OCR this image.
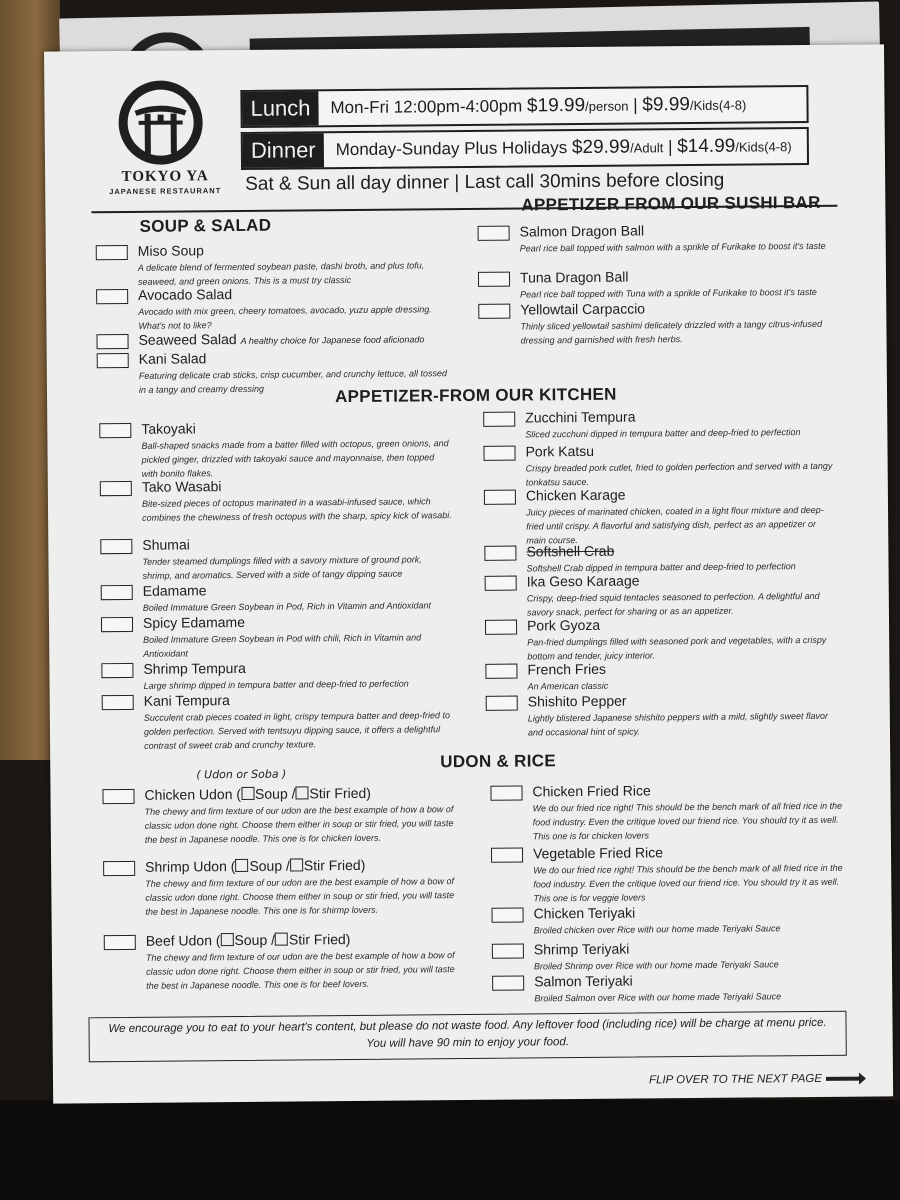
TOKYO YA
JAPANESE RESTAURANT
Lunch	Mon-Fri 12:00pm-4:00pm $19.99/person | $9.99/Kids(4-8)
Dinner	Monday-Sunday Plus Holidays $29.99/Adult | $14.99/Kids(4-8)
Sat & Sun all day dinner | Last call 30mins before closing
SOUP & SALAD
Miso Soup
A delicate blend of fermented soybean paste, dashi broth, and plus tofu, seaweed, and green onions. This is a must try classic
Avocado Salad
Avocado with mix green, cheery tomatoes, avocado, yuzu apple dressing. What's not to like?
Seaweed Salad A healthy choice for Japanese food aficionado
Kani Salad
Featuring delicate crab sticks, crisp cucumber, and crunchy lettuce, all tossed in a tangy and creamy dressing
APPETIZER FROM OUR SUSHI BAR
Salmon Dragon Ball
Pearl rice ball topped with salmon with a sprikle of Furikake to boost it's taste
Tuna Dragon Ball
Pearl rice ball topped with Tuna with a sprikle of Furikake to boost it's taste
Yellowtail Carpaccio
Thinly sliced yellowtail sashimi delicately drizzled with a tangy citrus-infused dressing and garnished with fresh herbs.
APPETIZER-FROM OUR KITCHEN
Takoyaki
Ball-shaped snacks made from a batter filled with octopus, green onions, and pickled ginger, drizzled with takoyaki sauce and mayonnaise, then topped with bonito flakes.
Tako Wasabi
Bite-sized pieces of octopus marinated in a wasabi-infused sauce, which combines the chewiness of fresh octopus with the sharp, spicy kick of wasabi.
Shumai
Tender steamed dumplings filled with a savory mixture of ground pork, shrimp, and aromatics. Served with a side of tangy dipping sauce
Edamame
Boiled Immature Green Soybean in Pod, Rich in Vitamin and Antioxidant
Spicy Edamame
Boiled Immature Green Soybean in Pod with chili, Rich in Vitamin and Antioxidant
Shrimp Tempura
Large shrimp dipped in tempura batter and deep-fried to perfection
Kani Tempura
Succulent crab pieces coated in light, crispy tempura batter and deep-fried to golden perfection. Served with tentsuyu dipping sauce, it offers a delightful contrast of sweet crab and crunchy texture.
Zucchini Tempura
Sliced zucchuni dipped in tempura batter and deep-fried to perfection
Pork Katsu
Crispy breaded pork cutlet, fried to golden perfection and served with a tangy tonkatsu sauce.
Chicken Karage
Juicy pieces of marinated chicken, coated in a light flour mixture and deep-fried until crispy. A flavorful and satisfying dish, perfect as an appetizer or main course.
Softshell Crab
Softshell Crab dipped in tempura batter and deep-fried to perfection
Ika Geso Karaage
Crispy, deep-fried squid tentacles seasoned to perfection. A delightful and savory snack, perfect for sharing or as an appetizer.
Pork Gyoza
Pan-fried dumplings filled with seasoned pork and vegetables, with a crispy bottom and tender, juicy interior.
French Fries
An American classic
Shishito Pepper
Lightly blistered Japanese shishito peppers with a mild, slightly sweet flavor and occasional hint of spicy.
UDON & RICE
( Udon or Soba )
Chicken Udon ( Soup / Stir Fried)
The chewy and firm texture of our udon are the best example of how a bow of classic udon done right. Choose them either in soup or stir fried, you will taste the best in Japanese noodle. This one is for chicken lovers.
Shrimp Udon ( Soup / Stir Fried)
The chewy and firm texture of our udon are the best example of how a bow of classic udon done right. Choose them either in soup or stir fried, you will taste the best in Japanese noodle. This one is for shirmp lovers.
Beef Udon ( Soup / Stir Fried)
The chewy and firm texture of our udon are the best example of how a bow of classic udon done right. Choose them either in soup or stir fried, you will taste the best in Japanese noodle. This one is for beef lovers.
Chicken Fried Rice
We do our fried rice right! This should be the bench mark of all fried rice in the food industry. Even the critique loved our friend rice. You should try it as well. This one is for chicken lovers
Vegetable Fried Rice
We do our fried rice right! This should be the bench mark of all fried rice in the food industry. Even the critique loved our friend rice. You should try it as well. This one is for veggie lovers
Chicken Teriyaki
Broiled chicken over Rice with our home made Teriyaki Sauce
Shrimp Teriyaki
Broiled Shrimp over Rice with our home made Teriyaki Sauce
Salmon Teriyaki
Broiled Salmon over Rice with our home made Teriyaki Sauce
We encourage you to eat to your heart's content, but please do not waste food. Any leftover food (including rice) will be charge at menu price.
You will have 90 min to enjoy your food.
FLIP OVER TO THE NEXT PAGE
